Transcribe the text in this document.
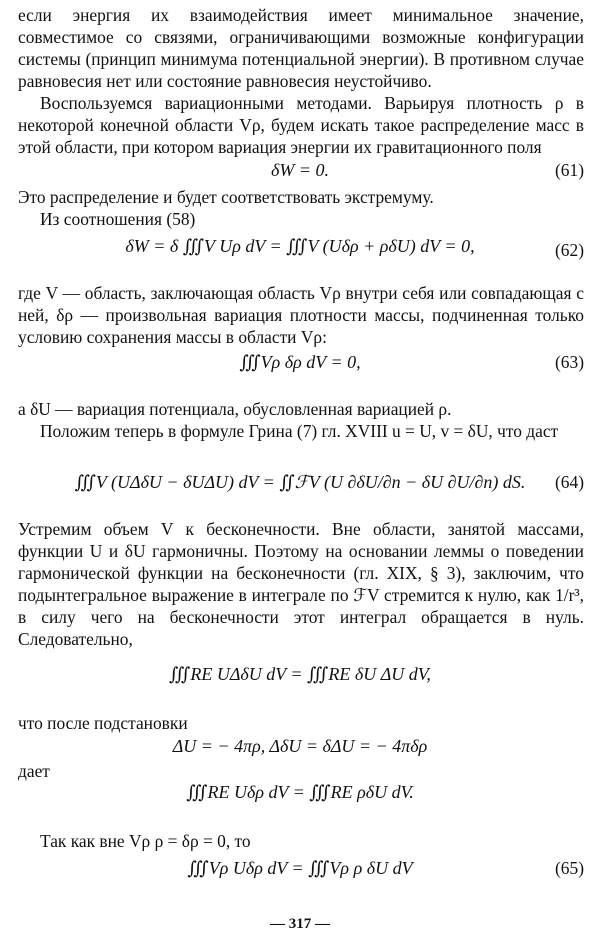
если энергия их взаимодействия имеет минимальное значение, совместимое со связями, ограничивающими возможные конфигурации системы (принцип минимума потенциальной энергии). В противном случае равновесия нет или состояние равновесия неустойчиво.

Воспользуемся вариационными методами. Варьируя плотность ρ в некоторой конечной области Vρ, будем искать такое распределение масс в этой области, при котором вариация энергии их гравитационного поля

δW = 0.	(61)

Это распределение и будет соответствовать экстремуму.

Из соотношения (58)

δW = δ ∭V Uρ dV = ∭V (Uδρ + ρδU) dV = 0,	(62)

где V — область, заключающая область Vρ внутри себя или совпадающая с ней, δρ — произвольная вариация плотности массы, подчиненная только условию сохранения массы в области Vρ:

∭Vρ δρ dV = 0,	(63)

а δU — вариация потенциала, обусловленная вариацией ρ.

Положим теперь в формуле Грина (7) гл. XVIII u = U, v = δU, что даст

∭V (UΔδU − δUΔU) dV = ∬ℱV (U ∂δU/∂n − δU ∂U/∂n) dS.	(64)

Устремим объем V к бесконечности. Вне области, занятой массами, функции U и δU гармоничны. Поэтому на основании леммы о поведении гармонической функции на бесконечности (гл. XIX, § 3), заключим, что подынтегральное выражение в интеграле по ℱV стремится к нулю, как 1/r³, в силу чего на бесконечности этот интеграл обращается в нуль. Следовательно,

∭RE UΔδU dV = ∭RE δU ΔU dV,

что после подстановки

ΔU = − 4πρ, ΔδU = δΔU = − 4πδρ

дает

∭RE Uδρ dV = ∭RE ρδU dV.

Так как вне Vρ ρ = δρ = 0, то

∭Vρ Uδρ dV = ∭Vρ ρ δU dV	(65)
— 317 —
